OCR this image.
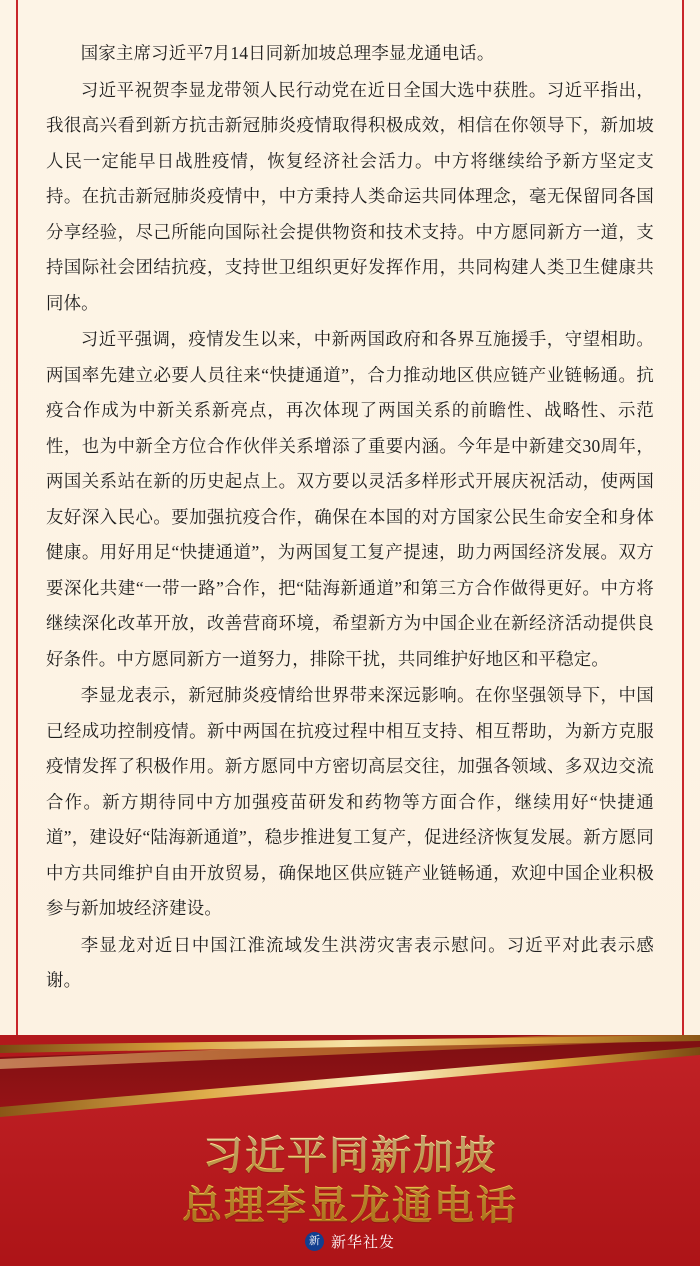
国家主席习近平7月14日同新加坡总理李显龙通电话。

习近平祝贺李显龙带领人民行动党在近日全国大选中获胜。习近平指出，我很高兴看到新方抗击新冠肺炎疫情取得积极成效，相信在你领导下，新加坡人民一定能早日战胜疫情，恢复经济社会活力。中方将继续给予新方坚定支持。在抗击新冠肺炎疫情中，中方秉持人类命运共同体理念，毫无保留同各国分享经验，尽己所能向国际社会提供物资和技术支持。中方愿同新方一道，支持国际社会团结抗疫，支持世卫组织更好发挥作用，共同构建人类卫生健康共同体。

习近平强调，疫情发生以来，中新两国政府和各界互施援手，守望相助。两国率先建立必要人员往来“快捷通道”，合力推动地区供应链产业链畅通。抗疫合作成为中新关系新亮点，再次体现了两国关系的前瞻性、战略性、示范性，也为中新全方位合作伙伴关系增添了重要内涵。今年是中新建交30周年，两国关系站在新的历史起点上。双方要以灵活多样形式开展庆祝活动，使两国友好深入民心。要加强抗疫合作，确保在本国的对方国家公民生命安全和身体健康。用好用足“快捷通道”，为两国复工复产提速，助力两国经济发展。双方要深化共建“一带一路”合作，把“陆海新通道”和第三方合作做得更好。中方将继续深化改革开放，改善营商环境，希望新方为中国企业在新经济活动提供良好条件。中方愿同新方一道努力，排除干扰，共同维护好地区和平稳定。

李显龙表示，新冠肺炎疫情给世界带来深远影响。在你坚强领导下，中国已经成功控制疫情。新中两国在抗疫过程中相互支持、相互帮助，为新方克服疫情发挥了积极作用。新方愿同中方密切高层交往，加强各领域、多双边交流合作。新方期待同中方加强疫苗研发和药物等方面合作，继续用好“快捷通道”，建设好“陆海新通道”，稳步推进复工复产，促进经济恢复发展。新方愿同中方共同维护自由开放贸易，确保地区供应链产业链畅通，欢迎中国企业积极参与新加坡经济建设。

李显龙对近日中国江淮流域发生洪涝灾害表示慰问。习近平对此表示感谢。

习近平同新加坡
总理李显龙通电话
新 新华社发
